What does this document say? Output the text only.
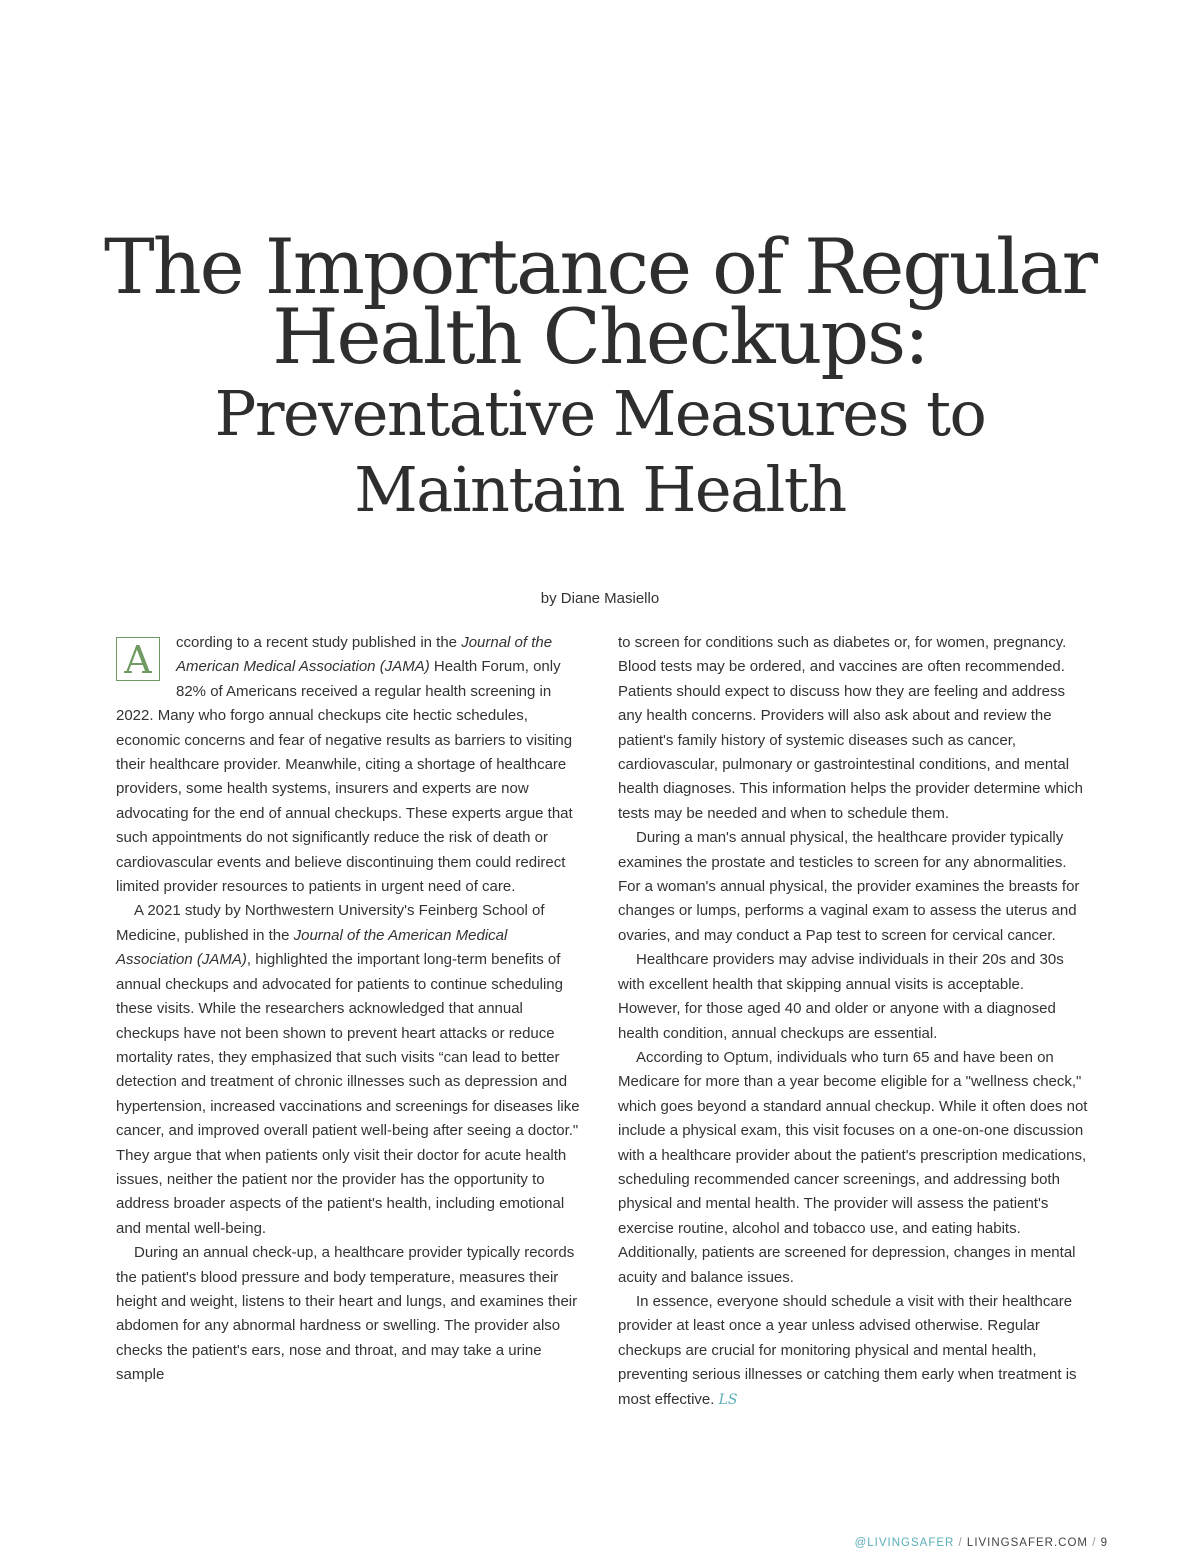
The Importance of Regular
Health Checkups:
Preventative Measures to
Maintain Health
by Diane Masiello

A	ccording to a recent study published in the Journal of the American Medical Association (JAMA) Health Forum, only 82% of Americans received a regular health screening in 2022. Many who forgo annual checkups cite hectic schedules, economic concerns and fear of negative results as barriers to visiting their healthcare provider. Meanwhile, citing a shortage of healthcare providers, some health systems, insurers and experts are now advocating for the end of annual checkups. These experts argue that such appointments do not significantly reduce the risk of death or cardiovascular events and believe discontinuing them could redirect limited provider resources to patients in urgent need of care.

A 2021 study by Northwestern University's Feinberg School of Medicine, published in the Journal of the American Medical Association (JAMA), highlighted the important long-term benefits of annual checkups and advocated for patients to continue scheduling these visits. While the researchers acknowledged that annual checkups have not been shown to prevent heart attacks or reduce mortality rates, they emphasized that such visits “can lead to better detection and treatment of chronic illnesses such as depression and hypertension, increased vaccinations and screenings for diseases like cancer, and improved overall patient well-being after seeing a doctor." They argue that when patients only visit their doctor for acute health issues, neither the patient nor the provider has the opportunity to address broader aspects of the patient's health, including emotional and mental well-being.

During an annual check-up, a healthcare provider typically records the patient's blood pressure and body temperature, measures their height and weight, listens to their heart and lungs, and examines their abdomen for any abnormal hardness or swelling. The provider also checks the patient's ears, nose and throat, and may take a urine sample

to screen for conditions such as diabetes or, for women, pregnancy. Blood tests may be ordered, and vaccines are often recommended. Patients should expect to discuss how they are feeling and address any health concerns. Providers will also ask about and review the patient's family history of systemic diseases such as cancer, cardiovascular, pulmonary or gastrointestinal conditions, and mental health diagnoses. This information helps the provider determine which tests may be needed and when to schedule them.

During a man's annual physical, the healthcare provider typically examines the prostate and testicles to screen for any abnormalities. For a woman's annual physical, the provider examines the breasts for changes or lumps, performs a vaginal exam to assess the uterus and ovaries, and may conduct a Pap test to screen for cervical cancer.

Healthcare providers may advise individuals in their 20s and 30s with excellent health that skipping annual visits is acceptable. However, for those aged 40 and older or anyone with a diagnosed health condition, annual checkups are essential.

According to Optum, individuals who turn 65 and have been on Medicare for more than a year become eligible for a "wellness check," which goes beyond a standard annual checkup. While it often does not include a physical exam, this visit focuses on a one-on-one discussion with a healthcare provider about the patient's prescription medications, scheduling recommended cancer screenings, and addressing both physical and mental health. The provider will assess the patient's exercise routine, alcohol and tobacco use, and eating habits. Additionally, patients are screened for depression, changes in mental acuity and balance issues.

In essence, everyone should schedule a visit with their healthcare provider at least once a year unless advised otherwise. Regular checkups are crucial for monitoring physical and mental health, preventing serious illnesses or catching them early when treatment is most effective. LS

@LIVINGSAFER / LIVINGSAFER.COM / 9
